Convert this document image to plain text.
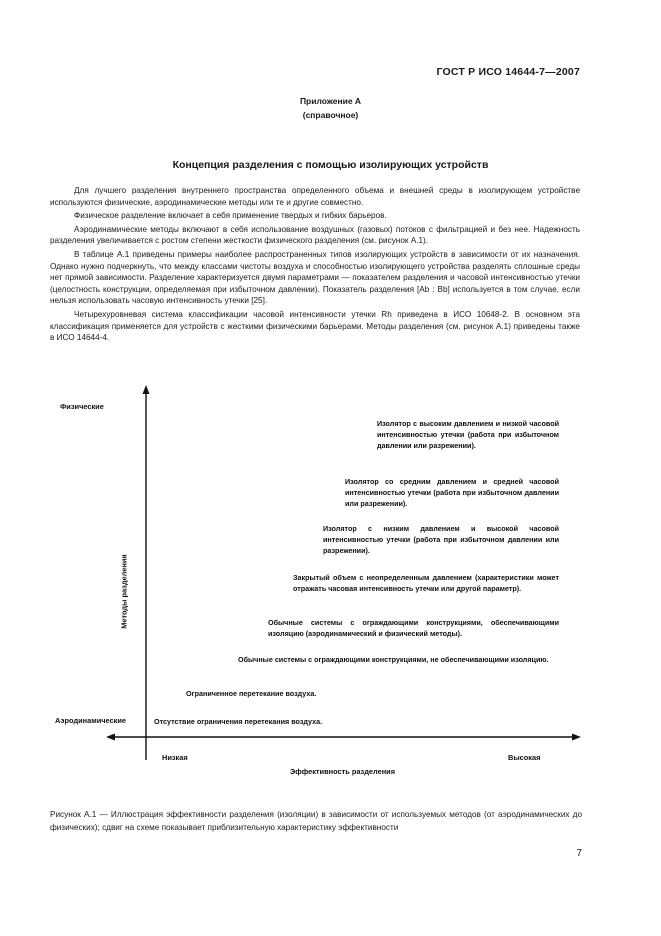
ГОСТ Р ИСО 14644-7—2007
Приложение А
(справочное)
Концепция разделения с помощью изолирующих устройств

Для лучшего разделения внутреннего пространства определенного объема и внешней среды в изолирующем устройстве используются физические, аэродинамические методы или те и другие совместно.

Физическое разделение включает в себя применение твердых и гибких барьеров.

Аэродинамические методы включают в себя использование воздушных (газовых) потоков с фильтрацией и без нее. Надежность разделения увеличивается с ростом степени жесткости физического разделения (см. рисунок А.1).

В таблице А.1 приведены примеры наиболее распространенных типов изолирующих устройств в зависимости от их назначения. Однако нужно подчеркнуть, что между классами чистоты воздуха и способностью изолирующего устройства разделять сплошные среды нет прямой зависимости. Разделение характеризуется двумя параметрами — показателем разделения и часовой интенсивностью утечки (целостность конструкции, определяемая при избыточном давлении). Показатель разделения [Ab : Bb] используется в том случае, если нельзя использовать часовую интенсивность утечки [25].

Четырехуровневая система классификации часовой интенсивности утечки Rh приведена в ИСО 10648-2. В основном эта классификация применяется для устройств с жесткими физическими барьерами. Методы разделения (см. рисунок А.1) приведены также в ИСО 14644-4.

Физические
Аэродинамические
Методы разделения
Низкая	Высокая
Эффективность разделения
Изолятор с высоким давлением и низкой часовой интенсивностью утечки (работа при избыточном давлении или разрежении).
Изолятор со средним давлением и средней часовой интенсивностью утечки (работа при избыточном давлении или разрежении).
Изолятор с низким давлением и высокой часовой интенсивностью утечки (работа при избыточном давлении или разрежении).
Закрытый объем с неопределенным давлением (характеристики может отражать часовая интенсивность утечки или другой параметр).
Обычные системы с ограждающими конструкциями, обеспечивающими изоляцию (аэродинамический и физический методы).
Обычные системы с ограждающими конструкциями, не обеспечивающими изоляцию.
Ограниченное перетекание воздуха.
Отсутствие ограничения перетекания воздуха.
Рисунок А.1 — Иллюстрация эффективности разделения (изоляции) в зависимости от используемых методов (от аэродинамических до физических); сдвиг на схеме показывает приблизительную характеристику эффективности
7
